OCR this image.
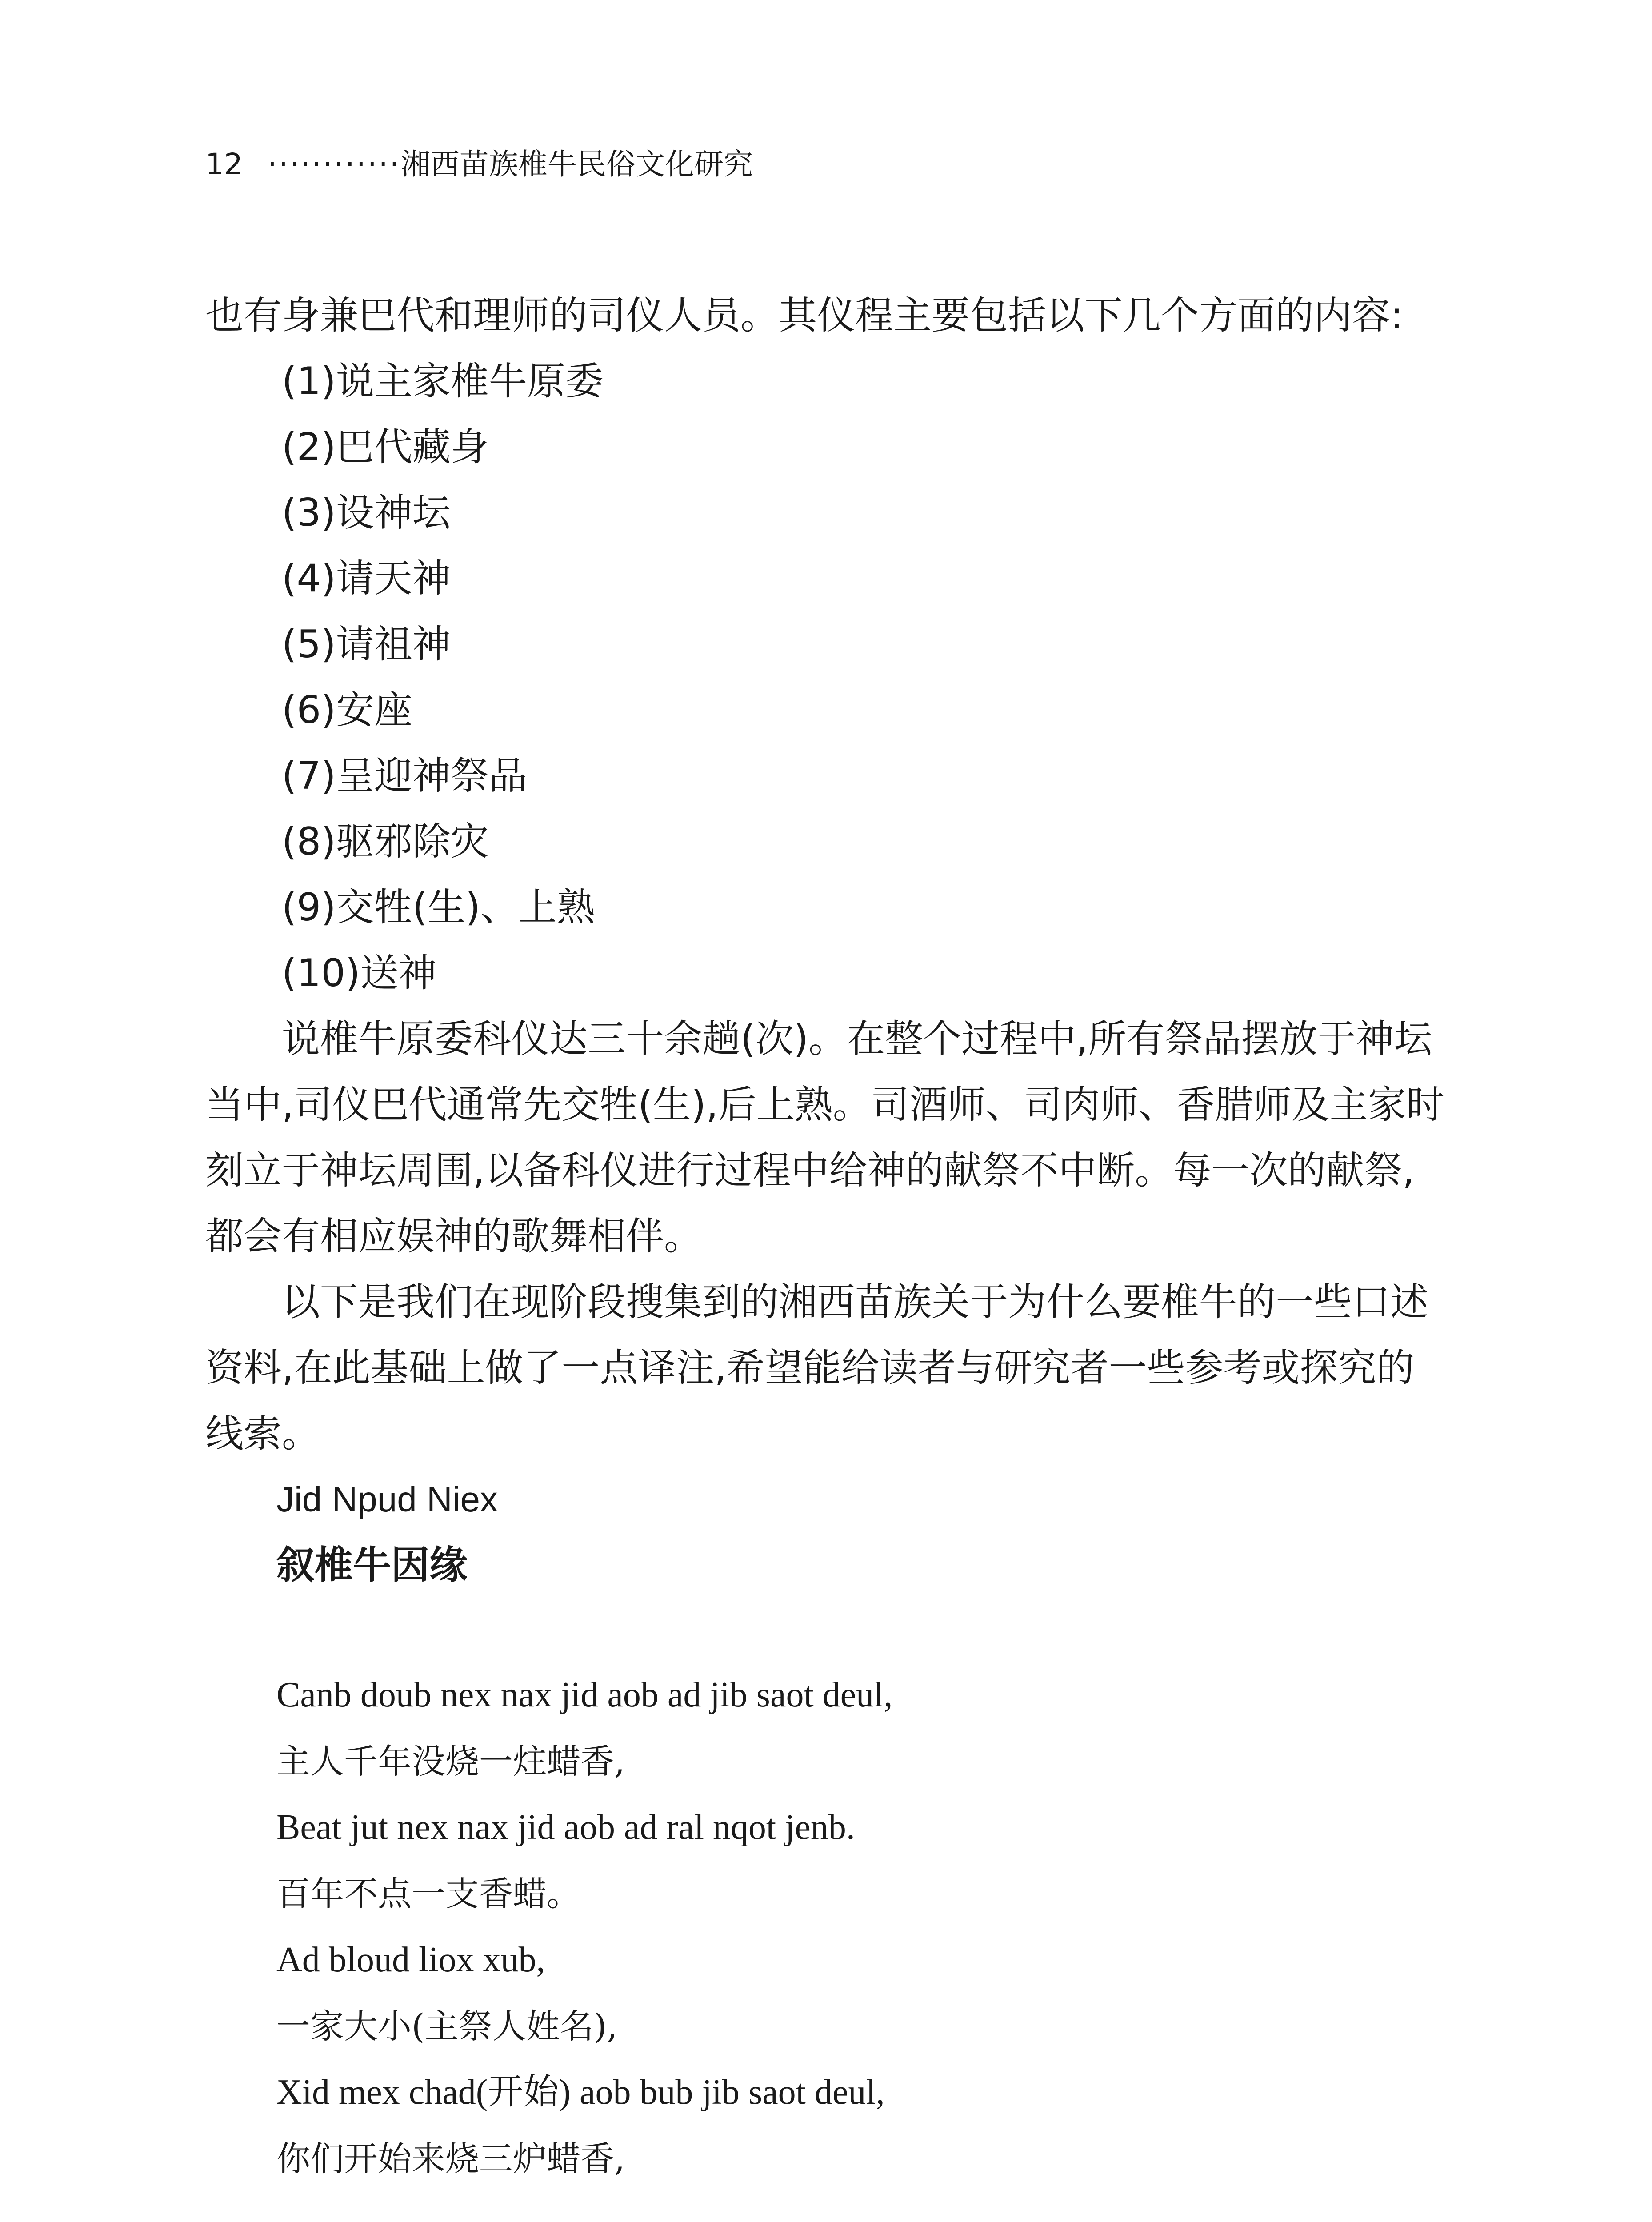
12 ············湘西苗族椎牛民俗文化研究

也有身兼巴代和理师的司仪人员。其仪程主要包括以下几个方面的内容:

(1)说主家椎牛原委
(2)巴代藏身
(3)设神坛
(4)请天神
(5)请祖神
(6)安座
(7)呈迎神祭品
(8)驱邪除灾
(9)交牲(生)、上熟
(10)送神

说椎牛原委科仪达三十余趟(次)。在整个过程中,所有祭品摆放于神坛当中,司仪巴代通常先交牲(生),后上熟。司酒师、司肉师、香腊师及主家时刻立于神坛周围,以备科仪进行过程中给神的献祭不中断。每一次的献祭,都会有相应娱神的歌舞相伴。

以下是我们在现阶段搜集到的湘西苗族关于为什么要椎牛的一些口述资料,在此基础上做了一点译注,希望能给读者与研究者一些参考或探究的线索。

Jid Npud Niex
叙椎牛因缘
Canb doub nex nax jid aob ad jib saot deul,
主人千年没烧一炷蜡香,
Beat jut nex nax jid aob ad ral nqot jenb.
百年不点一支香蜡。
Ad bloud liox xub,
一家大小(主祭人姓名),
Xid mex chad(开始) aob bub jib saot deul,
你们开始来烧三炉蜡香,
